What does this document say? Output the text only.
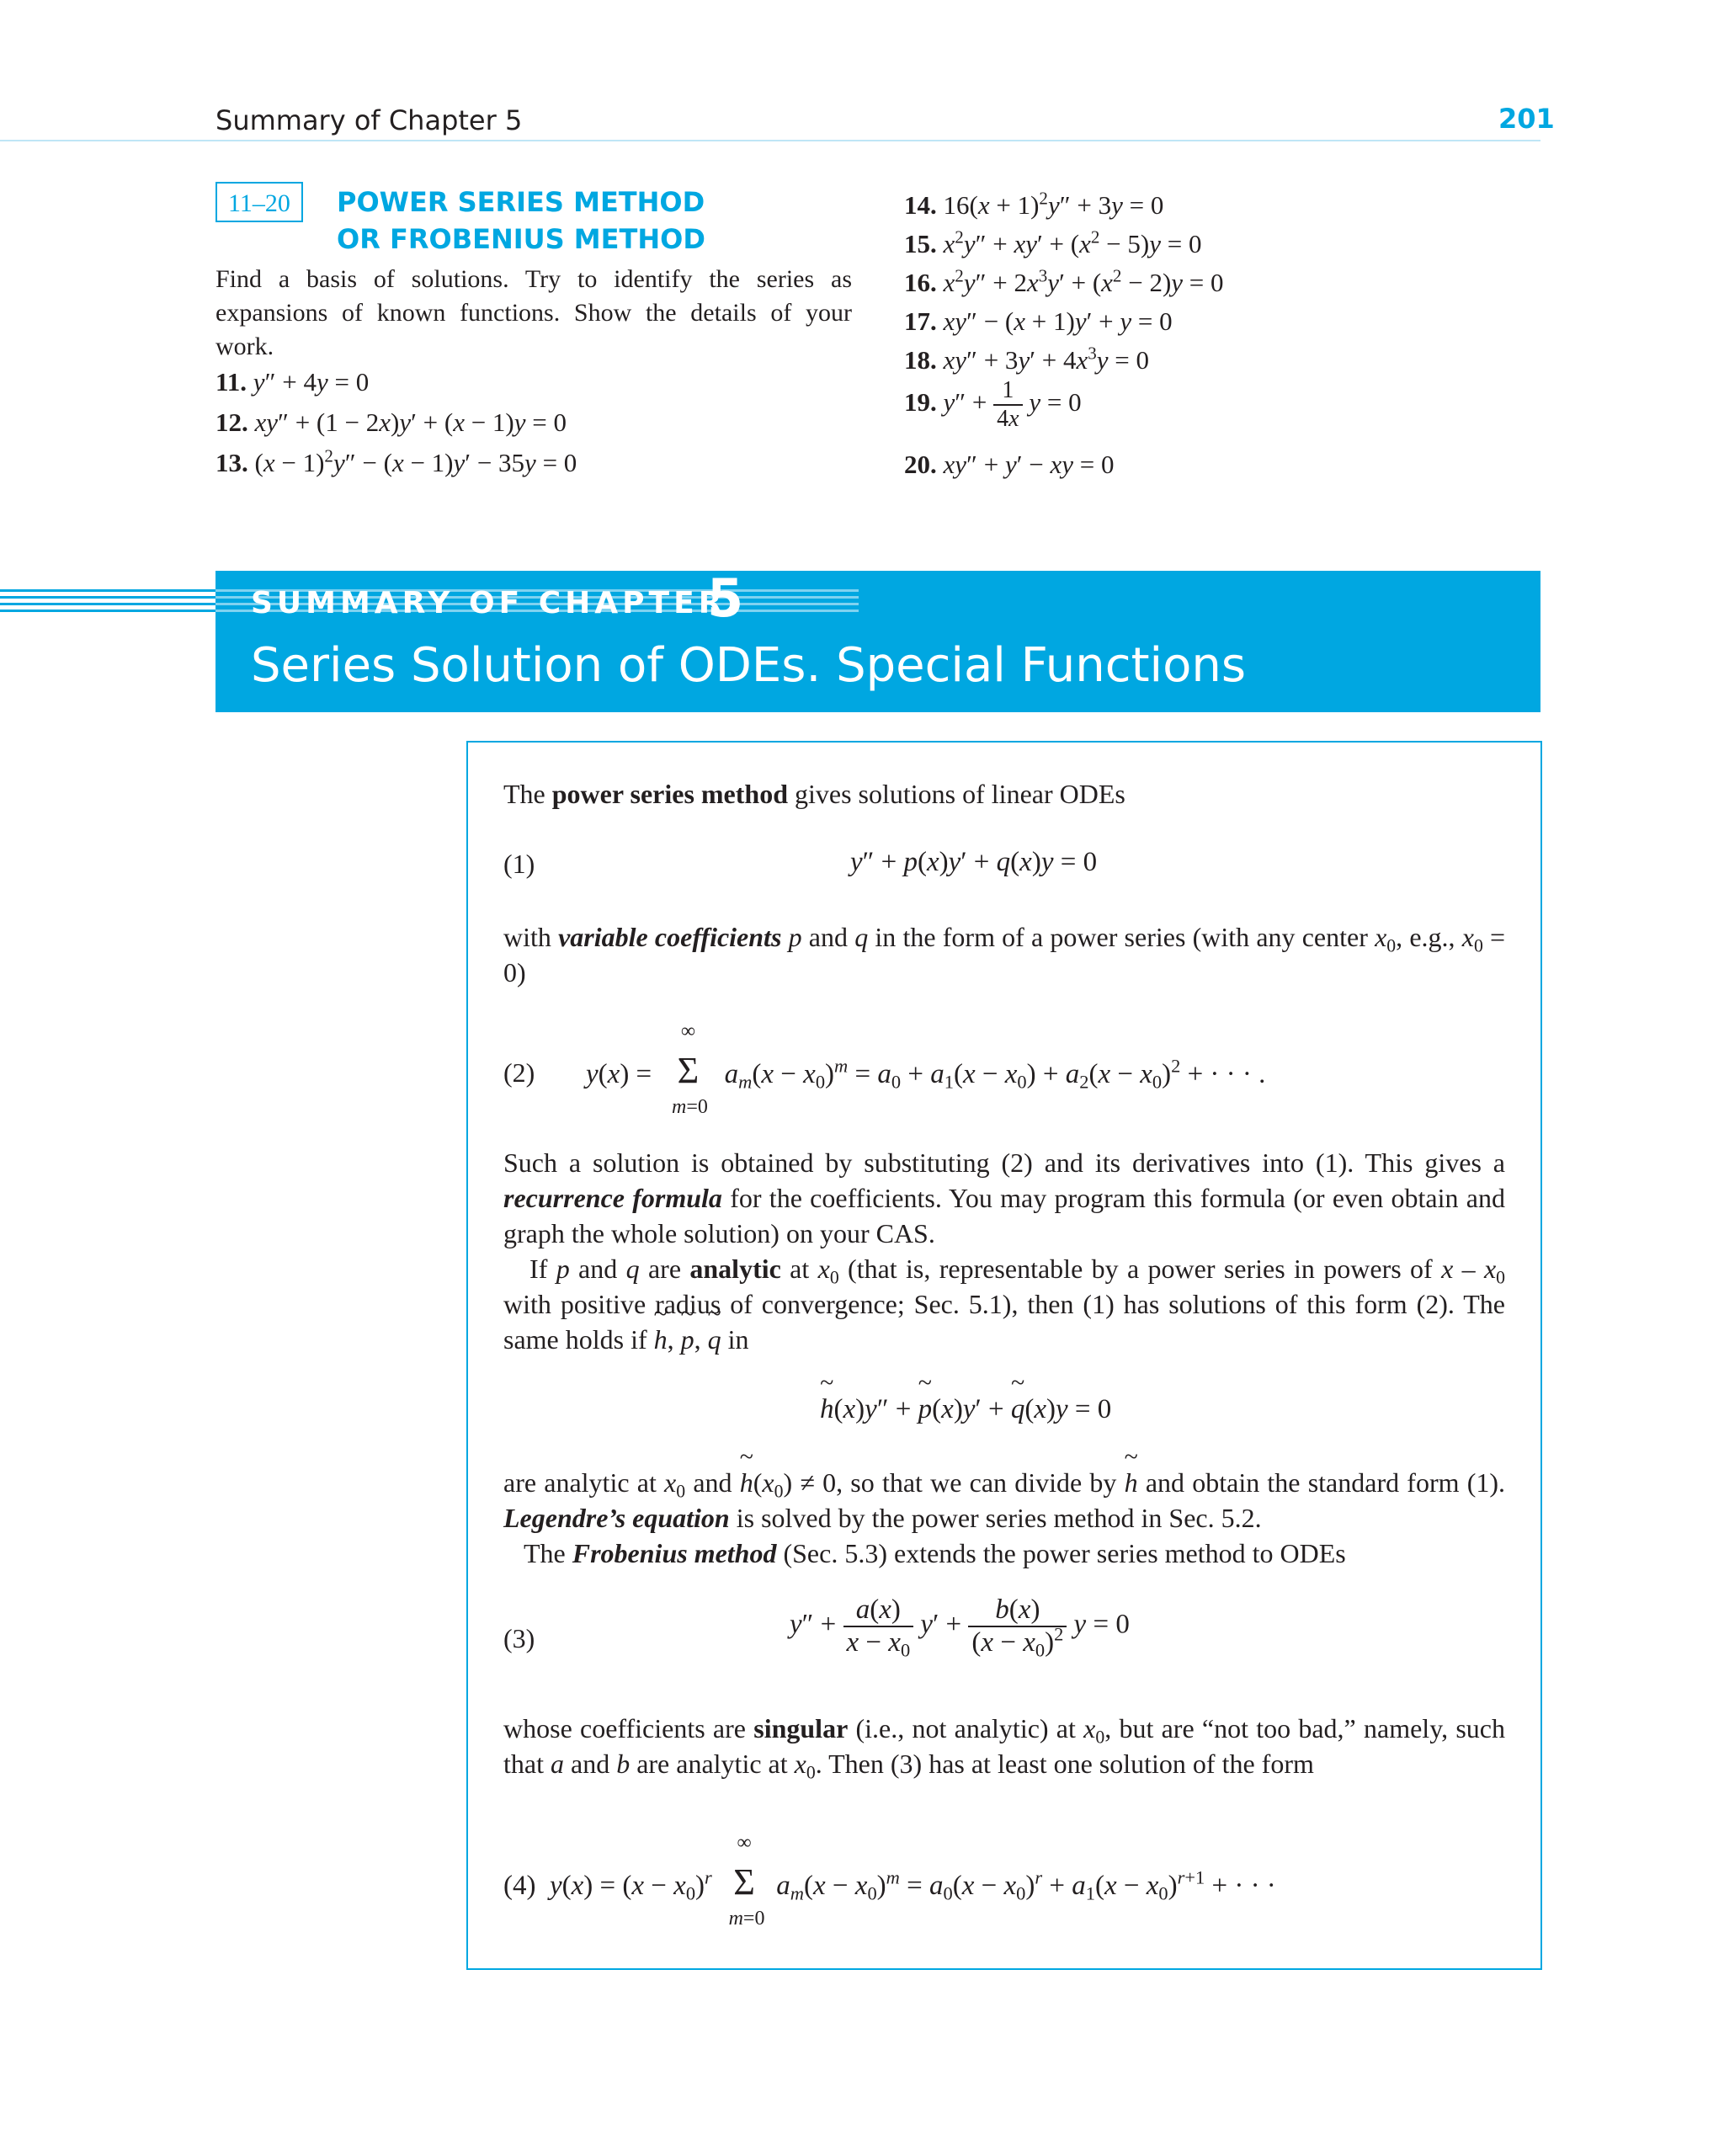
Summary of Chapter 5	201
11–20	POWER SERIES METHOD
OR FROBENIUS METHOD
Find a basis of solutions. Try to identify the series as expansions of known functions. Show the details of your work.
11. y″ + 4y = 0
12. xy″ + (1 − 2x)y′ + (x − 1)y = 0
13. $(x - 1)^2y'' - (x - 1)y' - 35y = 0$
14. $16(x + 1)^2y'' + 3y = 0$
15. $x^2y'' + xy' + (x^2 - 5)y = 0$
16. $x^2y'' + 2x^3y' + (x^2 - 2)y = 0$
17. xy″ − (x + 1)y′ + y = 0
18. $xy'' + 3y' + 4x^3y = 0$
19. $y'' + \frac{1}{4x}$ y = 0
20. xy″ + y′ − xy = 0
SUMMARY OF CHAPTER
5
Series Solution of ODEs. Special Functions
The power series method gives solutions of linear ODEs
(1)	y″ + p(x)y′ + q(x)y = 0
with variable coefficients p and q in the form of a power series (with any center $x_0$, e.g., $x_0 = 0$)
(2) y(x) =
∞
Σ
m=0
$a_m(x - x_0)^m = a_0 + a_1(x - x_0) + a_2(x - x_0)^2$ + · · · .
Such a solution is obtained by substituting (2) and its derivatives into (1). This gives a recurrence formula for the coefficients. You may program this formula (or even obtain and graph the whole solution) on your CAS.
If p and q are analytic at $x_0$ (that is, representable by a power series in powers of x – $x_0$ with positive radius of convergence; Sec. 5.1), then (1) has solutions of this form (2). The same holds if ~ h, ~ p, ~ q in
~ h(x)y″ + ~ p(x)y′ + ~ q(x)y = 0
are analytic at $x_0$ and ~ $h(x_0) \ne 0$, so that we can divide by ~ h and obtain the standard form (1). Legendre’s equation is solved by the power series method in Sec. 5.2.
The Frobenius method (Sec. 5.3) extends the power series method to ODEs
(3)	$y'' + \frac{a(x)}{x - x_0} y' + \frac{b(x)}{(x - x_0)^2}$ y = 0
whose coefficients are singular (i.e., not analytic) at $x_0$, but are “not too bad,” namely, such that a and b are analytic at $x_0$. Then (3) has at least one solution of the form
(4) $y(x) = (x - x_0)^r$
∞
Σ
m=0
$a_m(x - x_0)^m = a_0(x - x_0)^r + a_1(x - x_0)^{r+1}$ + · · ·
